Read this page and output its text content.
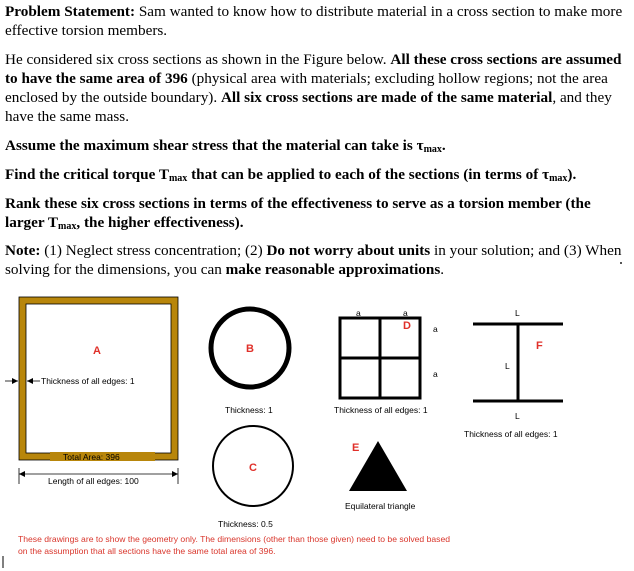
Problem Statement: Sam wanted to know how to distribute material in a cross section to make more effective torsion members.

He considered six cross sections as shown in the Figure below. All these cross sections are assumed to have the same area of 396 (physical area with materials; excluding hollow regions; not the area enclosed by the outside boundary). All six cross sections are made of the same material, and they have the same mass.

Assume the maximum shear stress that the material can take is $\tau_{max}$.

Find the critical torque $T_{max}$ that can be applied to each of the sections (in terms of $\tau_{max}$).

Rank these six cross sections in terms of the effectiveness to serve as a torsion member (the larger $T_{max}$, the higher effectiveness).

Note: (1) Neglect stress concentration; (2) Do not worry about units in your solution; and (3) When solving for the dimensions, you can make reasonable approximations.

A
Thickness of all edges: 1
Total Area: 396
Length of all edges: 100
B
Thickness: 1
C
Thickness: 0.5
a	a
a
a
D
Thickness of all edges: 1
E
Equilateral triangle
L
L
L
F
Thickness of all edges: 1
These drawings are to show the geometry only. The dimensions (other than those given) need to be solved based on the assumption that all sections have the same total area of 396.
